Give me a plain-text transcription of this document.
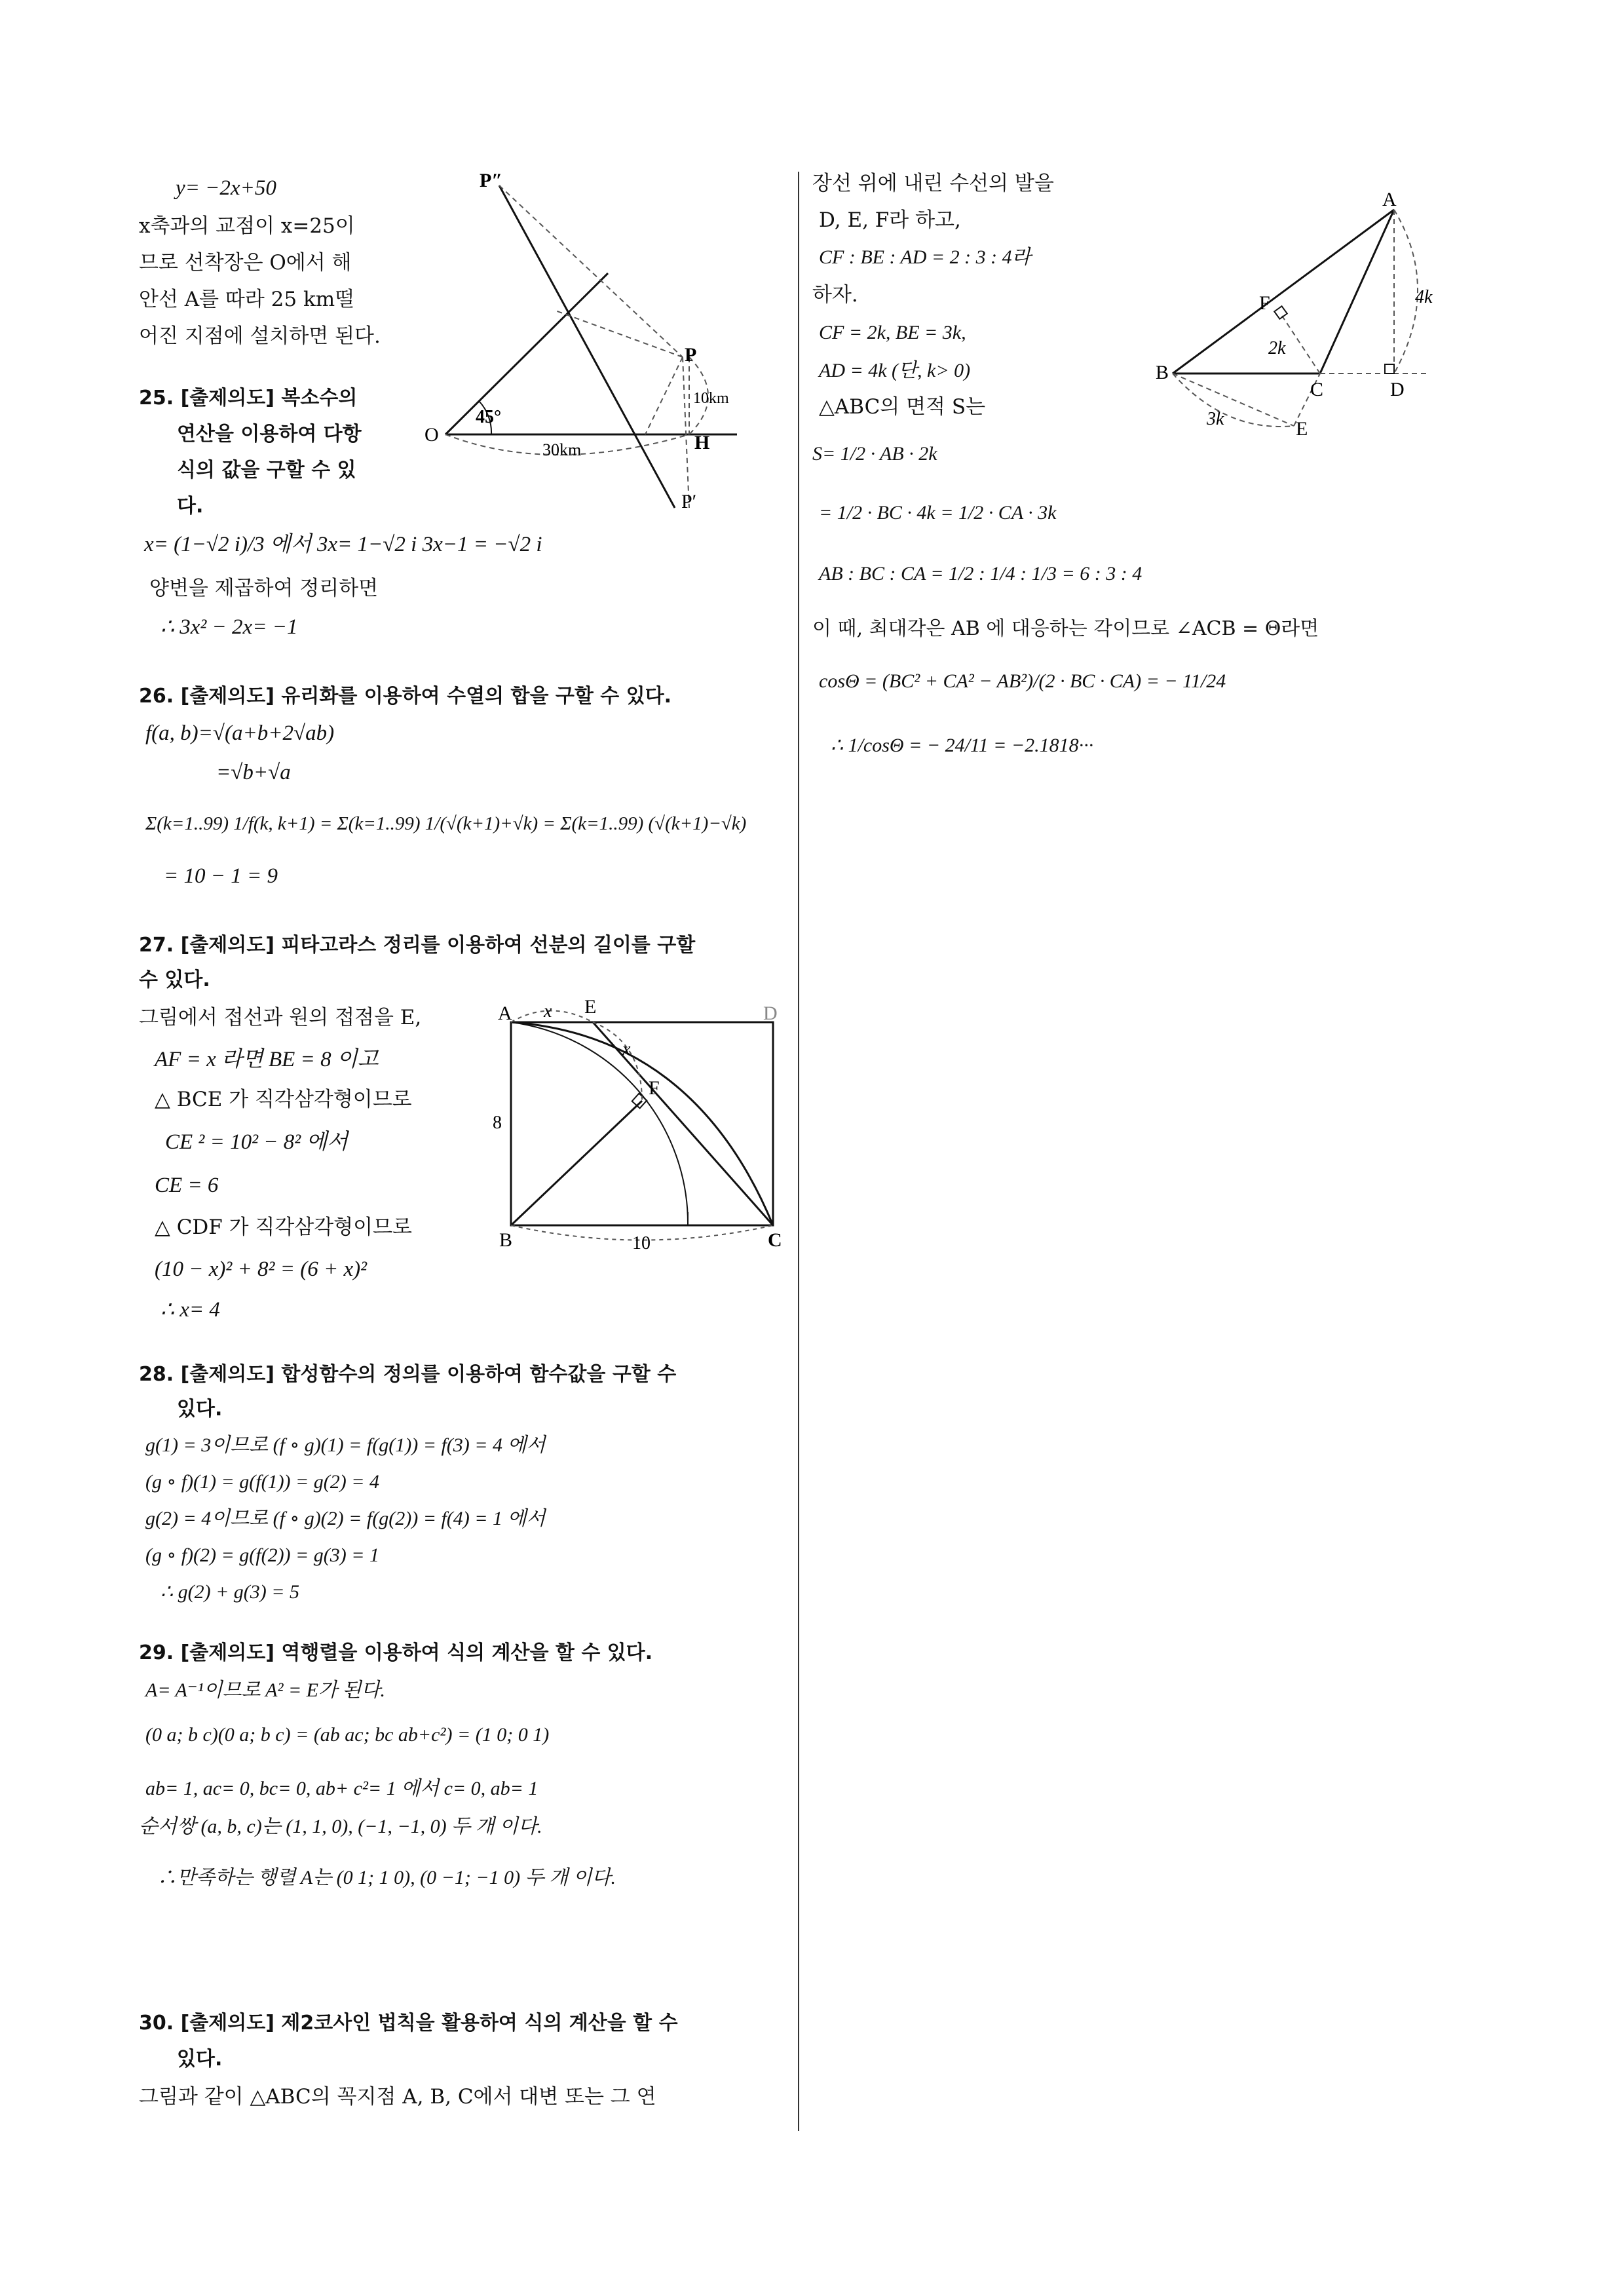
y= −2x+50
x축과의 교점이 x=25이
므로 선착장은 O에서 해
안선 A를 따라 25 km떨
어진 지점에 설치하면 된다.
P″
P
O	H
P′
45°
30km
10km
25. [출제의도] 복소수의
연산을 이용하여 다항
식의 값을 구할 수 있
다.
x= (1−√2 i)/3 에서 3x= 1−√2 i 3x−1 = −√2 i
양변을 제곱하여 정리하면
∴ 3x² − 2x= −1
26. [출제의도] 유리화를 이용하여 수열의 합을 구할 수 있다.
f(a, b)=√(a+b+2√ab)
=√b+√a
Σ(k=1..99) 1/f(k, k+1) = Σ(k=1..99) 1/(√(k+1)+√k) = Σ(k=1..99) (√(k+1)−√k)
= 10 − 1 = 9
27. [출제의도] 피타고라스 정리를 이용하여 선분의 길이를 구할
수 있다.
그림에서 접선과 원의 접점을 E,
AF = x 라면 BE = 8 이고
△ BCE 가 직각삼각형이므로
CE ² = 10² − 8² 에서
CE = 6
△ CDF 가 직각삼각형이므로
(10 − x)² + 8² = (6 + x)²
∴ x= 4
A x E	D
x
F
8
B	10	C
28. [출제의도] 합성함수의 정의를 이용하여 함수값을 구할 수
있다.
g(1) = 3이므로 (f ∘ g)(1) = f(g(1)) = f(3) = 4 에서
(g ∘ f)(1) = g(f(1)) = g(2) = 4
g(2) = 4이므로 (f ∘ g)(2) = f(g(2)) = f(4) = 1 에서
(g ∘ f)(2) = g(f(2)) = g(3) = 1
∴ g(2) + g(3) = 5
29. [출제의도] 역행렬을 이용하여 식의 계산을 할 수 있다.
A= A⁻¹이므로 A² = E가 된다.
(0 a; b c)(0 a; b c) = (ab ac; bc ab+c²) = (1 0; 0 1)
ab= 1, ac= 0, bc= 0, ab+ c²= 1 에서 c= 0, ab= 1
순서쌍 (a, b, c)는 (1, 1, 0), (−1, −1, 0) 두 개 이다.
∴만족하는 행렬 A는 (0 1; 1 0), (0 −1; −1 0) 두 개 이다.
30. [출제의도] 제2코사인 법칙을 활용하여 식의 계산을 할 수
있다.
그림과 같이 △ABC의 꼭지점 A, B, C에서 대변 또는 그 연
장선 위에 내린 수선의 발을
D, E, F라 하고,
CF : BE : AD = 2 : 3 : 4라
하자.
CF = 2k, BE = 3k,
AD = 4k (단, k> 0)
△ABC의 면적 S는
S= 1/2 · AB · 2k
= 1/2 · BC · 4k = 1/2 · CA · 3k
AB : BC : CA = 1/2 : 1/4 : 1/3 = 6 : 3 : 4
이 때, 최대각은 AB 에 대응하는 각이므로 ∠ACB = Θ라면
cosΘ = (BC² + CA² − AB²)/(2 · BC · CA) = − 11/24
∴ 1/cosΘ = − 24/11 = −2.1818···
A
F	4k
2k
B
C	D
3k	E
